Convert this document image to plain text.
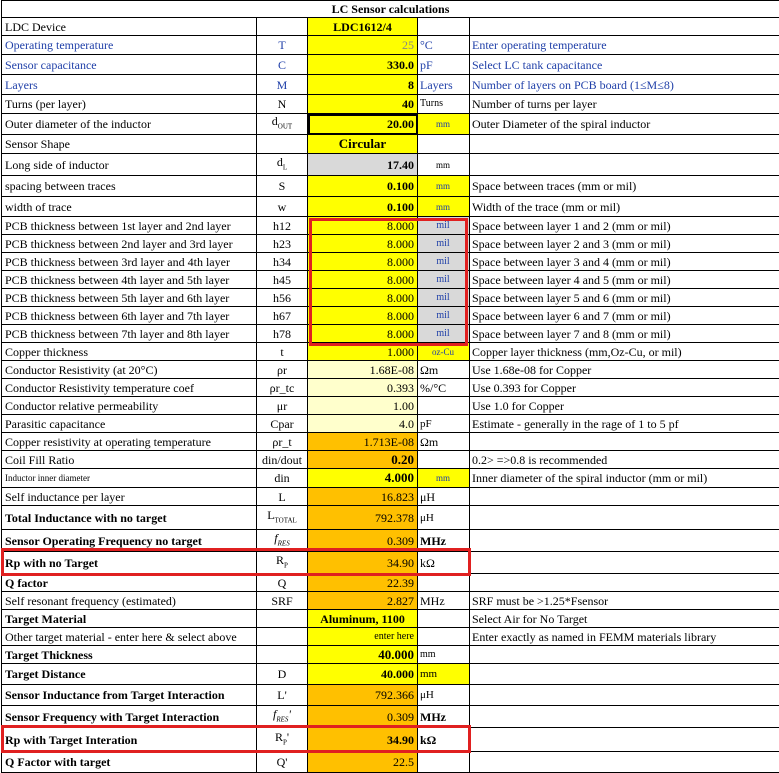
LC Sensor calculations				
LDC Device		LDC1612/4		
Operating temperature	T	25	°C	Enter operating temperature
Sensor capacitance	C	330.0	pF	Select LC tank capacitance
Layers	M	8	Layers	Number of layers on PCB board (1≤M≤8)
Turns (per layer)	N	40	Turns	Number of turns per layer
Outer diameter of the inductor	$d_{OUT}$	20.00	mm	Outer Diameter of the spiral inductor
Sensor Shape		Circular		
Long side of inductor	$d_L$	17.40	mm	
spacing between traces	S	0.100	mm	Space between traces (mm or mil)
width of trace	w	0.100	mm	Width of the trace (mm or mil)
PCB thickness between 1st layer and 2nd layer	h12	8.000	mil	Space between layer 1 and 2 (mm or mil)
PCB thickness between 2nd layer and 3rd layer	h23	8.000	mil	Space between layer 2 and 3 (mm or mil)
PCB thickness between 3rd layer and 4th layer	h34	8.000	mil	Space between layer 3 and 4 (mm or mil)
PCB thickness between 4th layer and 5th layer	h45	8.000	mil	Space between layer 4 and 5 (mm or mil)
PCB thickness between 5th layer and 6th layer	h56	8.000	mil	Space between layer 5 and 6 (mm or mil)
PCB thickness between 6th layer and 7th layer	h67	8.000	mil	Space between layer 6 and 7 (mm or mil)
PCB thickness between 7th layer and 8th layer	h78	8.000	mil	Space between layer 7 and 8 (mm or mil)
Copper thickness	t	1.000	oz-Cu	Copper layer thickness (mm,Oz-Cu, or mil)
Conductor Resistivity (at 20°C)	ρr	1.68E-08	Ωm	Use 1.68e-08 for Copper
Conductor Resistivity temperature coef	ρr_tc	0.393	%/°C	Use 0.393 for Copper
Conductor relative permeability	μr	1.00		Use 1.0 for Copper
Parasitic capacitance	Cpar	4.0	pF	Estimate - generally in the rage of 1 to 5 pf
Copper resistivity at operating temperature	ρr_t	1.713E-08	Ωm	
Coil Fill Ratio	din/dout	0.20		0.2> =>0.8 is recommended
Inductor inner diameter	din	4.000	mm	Inner diameter of the spiral inductor (mm or mil)
Self inductance per layer	L	16.823	μH	
Total Inductance with no target	$L_{TOTAL}$	792.378	μH	
Sensor Operating Frequency no target	$f_{RES}$	0.309	MHz	
Rp with no Target	$R_P$	34.90	kΩ	
Q factor	Q	22.39		
Self resonant frequency (estimated)	SRF	2.827	MHz	SRF must be >1.25*Fsensor
Target Material		Aluminum, 1100		Select Air for No Target
Other target material - enter here & select above		enter here		Enter exactly as named in FEMM materials library
Target Thickness		40.000	mm	
Target Distance	D	40.000	mm	
Sensor Inductance from Target Interaction	L'	792.366	μH	
Sensor Frequency with Target Interaction	$f_{RES}'$	0.309	MHz	
Rp with Target Interation	$R_P'$	34.90	kΩ	
Q Factor with target	Q'	22.5		
